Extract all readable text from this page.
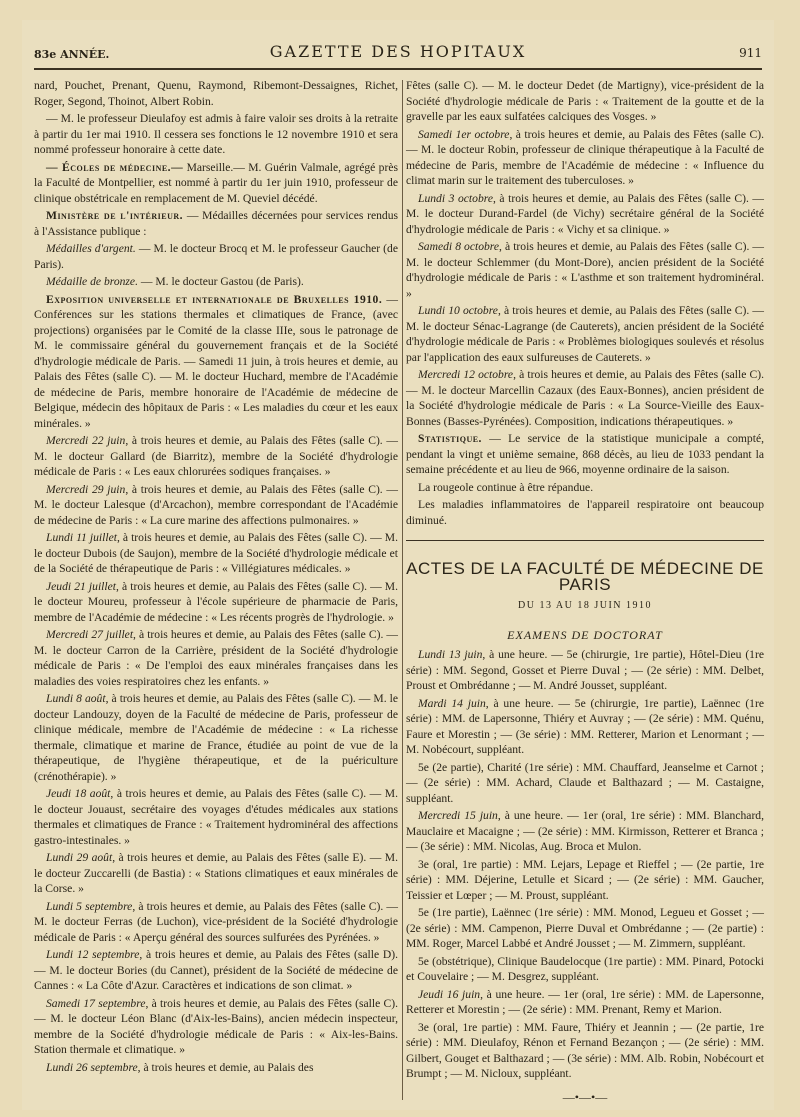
83e ANNÉE.	GAZETTE DES HOPITAUX	911

nard, Pouchet, Prenant, Quenu, Raymond, Ribemont-Dessaignes, Richet, Roger, Segond, Thoinot, Albert Robin.

— M. le professeur Dieulafoy est admis à faire valoir ses droits à la retraite à partir du 1er mai 1910. Il cessera ses fonctions le 12 novembre 1910 et sera nommé professeur honoraire à cette date.

— Écoles de médecine.— Marseille.— M. Guérin Valmale, agrégé près la Faculté de Montpellier, est nommé à partir du 1er juin 1910, professeur de clinique obstétricale en remplacement de M. Queviel décédé.

Ministère de l'intérieur. — Médailles décernées pour services rendus à l'Assistance publique :

Médailles d'argent. — M. le docteur Brocq et M. le professeur Gaucher (de Paris).

Médaille de bronze. — M. le docteur Gastou (de Paris).

Exposition universelle et internationale de Bruxelles 1910. — Conférences sur les stations thermales et climatiques de France, (avec projections) organisées par le Comité de la classe IIIe, sous le patronage de M. le commissaire général du gouvernement français et de la Société d'hydrologie médicale de Paris. — Samedi 11 juin, à trois heures et demie, au Palais des Fêtes (salle C). — M. le docteur Huchard, membre de l'Académie de médecine de Paris, membre honoraire de l'Académie de médecine de Belgique, médecin des hôpitaux de Paris : « Les maladies du cœur et les eaux minérales. »

Mercredi 22 juin, à trois heures et demie, au Palais des Fêtes (salle C). — M. le docteur Gallard (de Biarritz), membre de la Société d'hydrologie médicale de Paris : « Les eaux chlorurées sodiques françaises. »

Mercredi 29 juin, à trois heures et demie, au Palais des Fêtes (salle C). — M. le docteur Lalesque (d'Arcachon), membre correspondant de l'Académie de médecine de Paris : « La cure marine des affections pulmonaires. »

Lundi 11 juillet, à trois heures et demie, au Palais des Fêtes (salle C). — M. le docteur Dubois (de Saujon), membre de la Société d'hydrologie médicale et de la Société de thérapeutique de Paris : « Villégiatures médicales. »

Jeudi 21 juillet, à trois heures et demie, au Palais des Fêtes (salle C). — M. le docteur Moureu, professeur à l'école supérieure de pharmacie de Paris, membre de l'Académie de médecine : « Les récents progrès de l'hydrologie. »

Mercredi 27 juillet, à trois heures et demie, au Palais des Fêtes (salle C). — M. le docteur Carron de la Carrière, président de la Société d'hydrologie médicale de Paris : « De l'emploi des eaux minérales françaises dans les maladies des voies respiratoires chez les enfants. »

Lundi 8 août, à trois heures et demie, au Palais des Fêtes (salle C). — M. le docteur Landouzy, doyen de la Faculté de médecine de Paris, professeur de clinique médicale, membre de l'Académie de médecine : « La richesse thermale, climatique et marine de France, étudiée au point de vue de la thérapeutique, de l'hygiène thérapeutique, et de la puériculture (crénothérapie). »

Jeudi 18 août, à trois heures et demie, au Palais des Fêtes (salle C). — M. le docteur Jouaust, secrétaire des voyages d'études médicales aux stations thermales et climatiques de France : « Traitement hydrominéral des affections gastro-intestinales. »

Lundi 29 août, à trois heures et demie, au Palais des Fêtes (salle E). — M. le docteur Zuccarelli (de Bastia) : « Stations climatiques et eaux minérales de la Corse. »

Lundi 5 septembre, à trois heures et demie, au Palais des Fêtes (salle C). — M. le docteur Ferras (de Luchon), vice-président de la Société d'hydrologie médicale de Paris : « Aperçu général des sources sulfurées des Pyrénées. »

Lundi 12 septembre, à trois heures et demie, au Palais des Fêtes (salle D). — M. le docteur Bories (du Cannet), président de la Société de médecine de Cannes : « La Côte d'Azur. Caractères et indications de son climat. »

Samedi 17 septembre, à trois heures et demie, au Palais des Fêtes (salle C). — M. le docteur Léon Blanc (d'Aix-les-Bains), ancien médecin inspecteur, membre de la Société d'hydrologie médicale de Paris : « Aix-les-Bains. Station thermale et climatique. »

Lundi 26 septembre, à trois heures et demie, au Palais des

Fêtes (salle C). — M. le docteur Dedet (de Martigny), vice-président de la Société d'hydrologie médicale de Paris : « Traitement de la goutte et de la gravelle par les eaux sulfatées calciques des Vosges. »

Samedi 1er octobre, à trois heures et demie, au Palais des Fêtes (salle C). — M. le docteur Robin, professeur de clinique thérapeutique à la Faculté de médecine de Paris, membre de l'Académie de médecine : « Influence du climat marin sur le traitement des tuberculoses. »

Lundi 3 octobre, à trois heures et demie, au Palais des Fêtes (salle C). — M. le docteur Durand-Fardel (de Vichy) secrétaire général de la Société d'hydrologie médicale de Paris : « Vichy et sa clinique. »

Samedi 8 octobre, à trois heures et demie, au Palais des Fêtes (salle C). — M. le docteur Schlemmer (du Mont-Dore), ancien président de la Société d'hydrologie médicale de Paris : « L'asthme et son traitement hydrominéral. »

Lundi 10 octobre, à trois heures et demie, au Palais des Fêtes (salle C). — M. le docteur Sénac-Lagrange (de Cauterets), ancien président de la Société d'hydrologie médicale de Paris : « Problèmes biologiques soulevés et résolus par l'application des eaux sulfureuses de Cauterets. »

Mercredi 12 octobre, à trois heures et demie, au Palais des Fêtes (salle C). — M. le docteur Marcellin Cazaux (des Eaux-Bonnes), ancien président de la Société d'hydrologie médicale de Paris : « La Source-Vieille des Eaux-Bonnes (Basses-Pyrénées). Composition, indications thérapeutiques. »

Statistique. — Le service de la statistique municipale a compté, pendant la vingt et unième semaine, 868 décès, au lieu de 1033 pendant la semaine précédente et au lieu de 966, moyenne ordinaire de la saison.

La rougeole continue à être répandue.

Les maladies inflammatoires de l'appareil respiratoire ont beaucoup diminué.

ACTES DE LA FACULTÉ DE MÉDECINE DE PARIS
DU 13 AU 18 JUIN 1910
EXAMENS DE DOCTORAT

Lundi 13 juin, à une heure. — 5e (chirurgie, 1re partie), Hôtel-Dieu (1re série) : MM. Segond, Gosset et Pierre Duval ; — (2e série) : MM. Delbet, Proust et Ombrédanne ; — M. André Jousset, suppléant.

Mardi 14 juin, à une heure. — 5e (chirurgie, 1re partie), Laënnec (1re série) : MM. de Lapersonne, Thiéry et Auvray ; — (2e série) : MM. Quénu, Faure et Morestin ; — (3e série) : MM. Retterer, Marion et Lenormant ; — M. Nobécourt, suppléant.

5e (2e partie), Charité (1re série) : MM. Chauffard, Jeanselme et Carnot ; — (2e série) : MM. Achard, Claude et Balthazard ; — M. Castaigne, suppléant.

Mercredi 15 juin, à une heure. — 1er (oral, 1re série) : MM. Blanchard, Mauclaire et Macaigne ; — (2e série) : MM. Kirmisson, Retterer et Branca ; — (3e série) : MM. Nicolas, Aug. Broca et Mulon.

3e (oral, 1re partie) : MM. Lejars, Lepage et Rieffel ; — (2e partie, 1re série) : MM. Déjerine, Letulle et Sicard ; — (2e série) : MM. Gaucher, Teissier et Lœper ; — M. Proust, suppléant.

5e (1re partie), Laënnec (1re série) : MM. Monod, Legueu et Gosset ; — (2e série) : MM. Campenon, Pierre Duval et Ombrédanne ; — (2e partie) : MM. Roger, Marcel Labbé et André Jousset ; — M. Zimmern, suppléant.

5e (obstétrique), Clinique Baudelocque (1re partie) : MM. Pinard, Potocki et Couvelaire ; — M. Desgrez, suppléant.

Jeudi 16 juin, à une heure. — 1er (oral, 1re série) : MM. de Lapersonne, Retterer et Morestin ; — (2e série) : MM. Prenant, Remy et Marion.

3e (oral, 1re partie) : MM. Faure, Thiéry et Jeannin ; — (2e partie, 1re série) : MM. Dieulafoy, Rénon et Fernand Bezançon ; — (2e série) : MM. Gilbert, Gouget et Balthazard ; — (3e série) : MM. Alb. Robin, Nobécourt et Brumpt ; — M. Nicloux, suppléant.

—•—•—
